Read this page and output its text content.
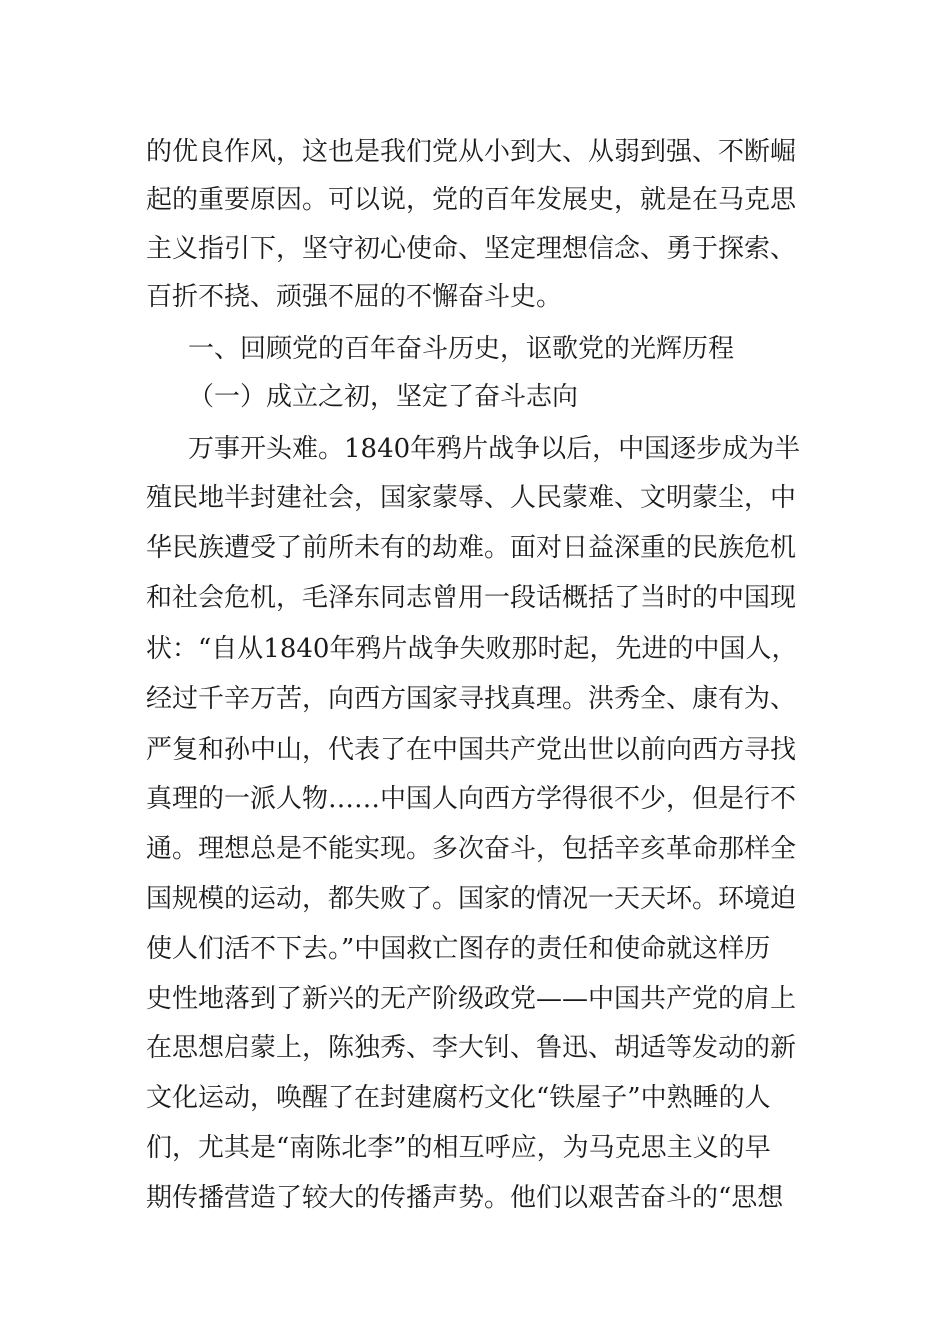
的优良作风，这也是我们党从小到大、从弱到强、不断崛
起的重要原因。可以说，党的百年发展史，就是在马克思
主义指引下，坚守初心使命、坚定理想信念、勇于探索、
百折不挠、顽强不屈的不懈奋斗史。
一、回顾党的百年奋斗历史，讴歌党的光辉历程
（一）成立之初，坚定了奋斗志向
万事开头难。1840年鸦片战争以后，中国逐步成为半
殖民地半封建社会，国家蒙辱、人民蒙难、文明蒙尘，中
华民族遭受了前所未有的劫难。面对日益深重的民族危机
和社会危机，毛泽东同志曾用一段话概括了当时的中国现
状：“自从1840年鸦片战争失败那时起，先进的中国人，
经过千辛万苦，向西方国家寻找真理。洪秀全、康有为、
严复和孙中山，代表了在中国共产党出世以前向西方寻找
真理的一派人物……中国人向西方学得很不少，但是行不
通。理想总是不能实现。多次奋斗，包括辛亥革命那样全
国规模的运动，都失败了。国家的情况一天天坏。环境迫
使人们活不下去。”中国救亡图存的责任和使命就这样历
史性地落到了新兴的无产阶级政党——中国共产党的肩上
在思想启蒙上，陈独秀、李大钊、鲁迅、胡适等发动的新
文化运动，唤醒了在封建腐朽文化“铁屋子”中熟睡的人
们，尤其是“南陈北李”的相互呼应，为马克思主义的早
期传播营造了较大的传播声势。他们以艰苦奋斗的“思想
